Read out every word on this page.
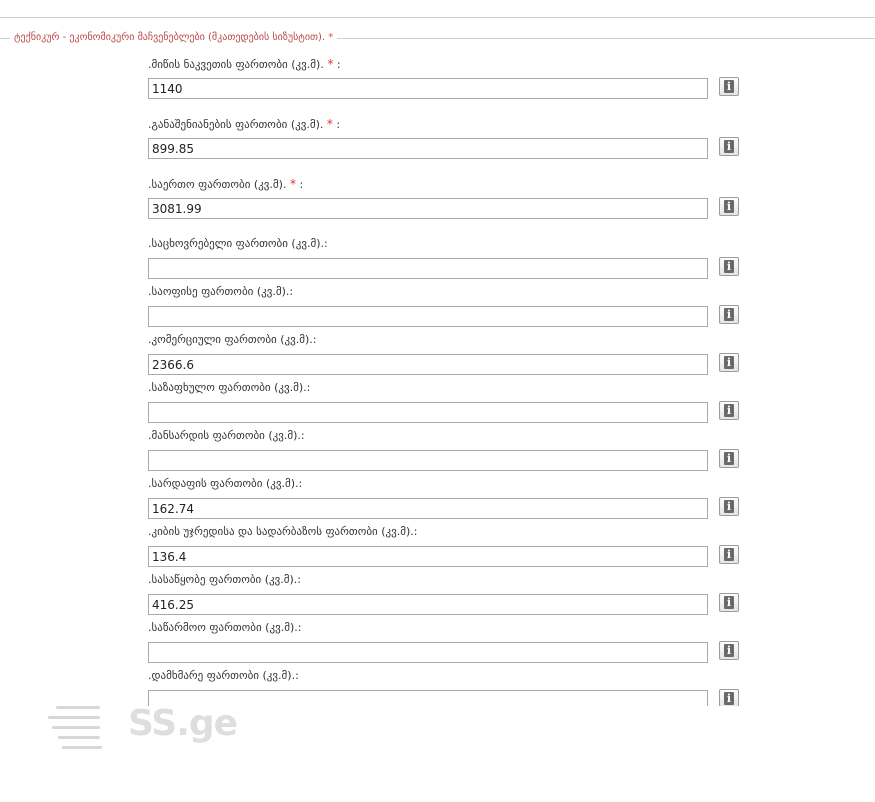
ტექნიკურ - ეკონომიკური მაჩვენებლები (მკათედების სიზუსტით). *
.მიწის ნაკვეთის ფართობი (კვ.მ). * :
1140
i
.განაშენიანების ფართობი (კვ.მ). * :
899.85
i
.საერთო ფართობი (კვ.მ). * :
3081.99
i
.საცხოვრებელი ფართობი (კვ.მ).:
i
.საოფისე ფართობი (კვ.მ).:
i
.კომერციული ფართობი (კვ.მ).:
2366.6
i
.საზაფხულო ფართობი (კვ.მ).:
i
.მანსარდის ფართობი (კვ.მ).:
i
.სარდაფის ფართობი (კვ.მ).:
162.74
i
.კიბის უჯრედისა და სადარბაზოს ფართობი (კვ.მ).:
136.4
i
.სასაწყობე ფართობი (კვ.მ).:
416.25
i
.საწარმოო ფართობი (კვ.მ).:
i
.დამხმარე ფართობი (კვ.მ).:
i
SS.ge
